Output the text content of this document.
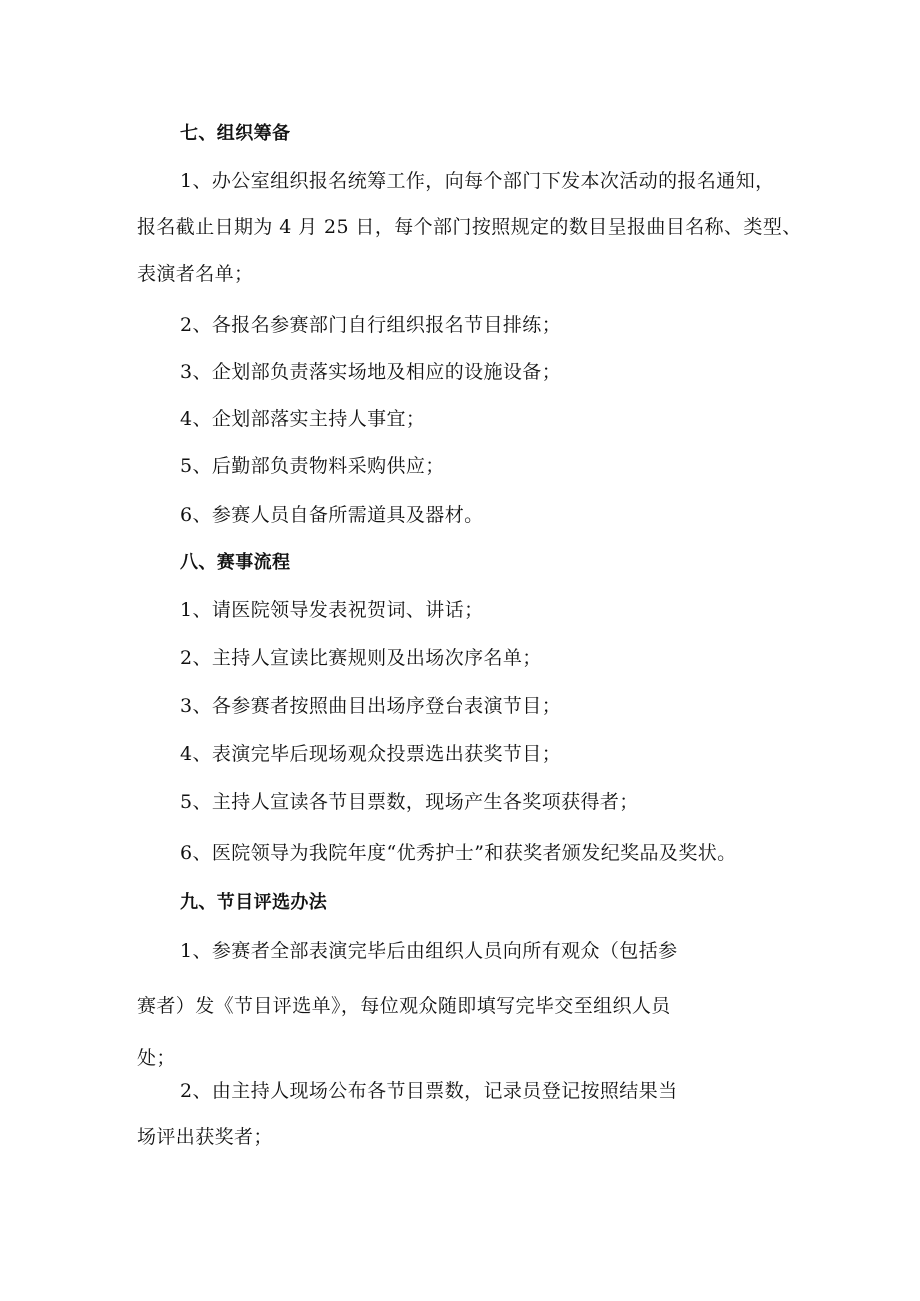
七、组织筹备
1、办公室组织报名统筹工作，向每个部门下发本次活动的报名通知，
报名截止日期为 4 月 25 日，每个部门按照规定的数目呈报曲目名称、类型、
表演者名单；
2、各报名参赛部门自行组织报名节目排练；
3、企划部负责落实场地及相应的设施设备；
4、企划部落实主持人事宜；
5、后勤部负责物料采购供应；
6、参赛人员自备所需道具及器材。
八、赛事流程
1、请医院领导发表祝贺词、讲话；
2、主持人宣读比赛规则及出场次序名单；
3、各参赛者按照曲目出场序登台表演节目；
4、表演完毕后现场观众投票选出获奖节目；
5、主持人宣读各节目票数，现场产生各奖项获得者；
6、医院领导为我院年度“优秀护士”和获奖者颁发纪奖品及奖状。
九、节目评选办法
1、参赛者全部表演完毕后由组织人员向所有观众（包括参
赛者）发《节目评选单》，每位观众随即填写完毕交至组织人员
处；
2、由主持人现场公布各节目票数，记录员登记按照结果当
场评出获奖者；
